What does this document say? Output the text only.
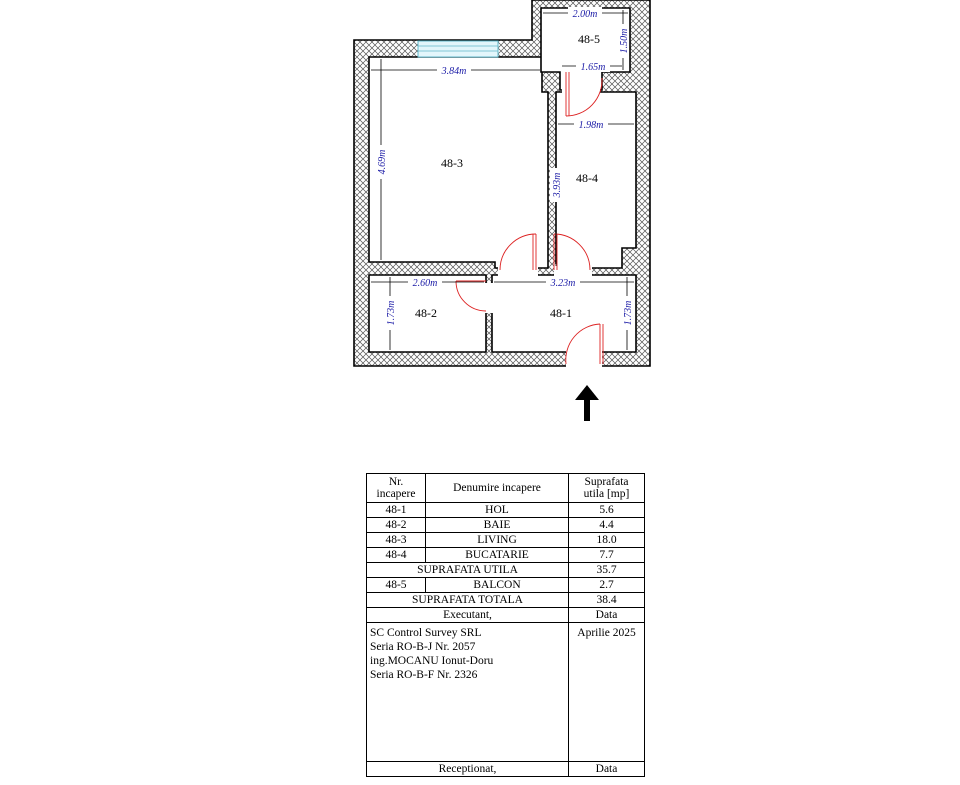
3.84m
4.69m
1.98m
3.93m
2.00m
1.50m
1.65m
2.60m
1.73m
3.23m
1.73m
48-3
48-4
48-5
48-2	48-1
Nr.
incapere	Denumire incapere	Suprafata
utila [mp]

48-1	HOL	5.6
48-2	BAIE	4.4
48-3	LIVING	18.0
48-4	BUCATARIE	7.7
SUPRAFATA UTILA		35.7
48-5	BALCON	2.7
SUPRAFATA TOTALA		38.4
Executant,		Data

SC Control Survey SRL
Seria RO-B-J Nr. 2057
ing.MOCANU Ionut-Doru
Seria RO-B-F Nr. 2326		Aprilie 2025
Receptionat,		Data
